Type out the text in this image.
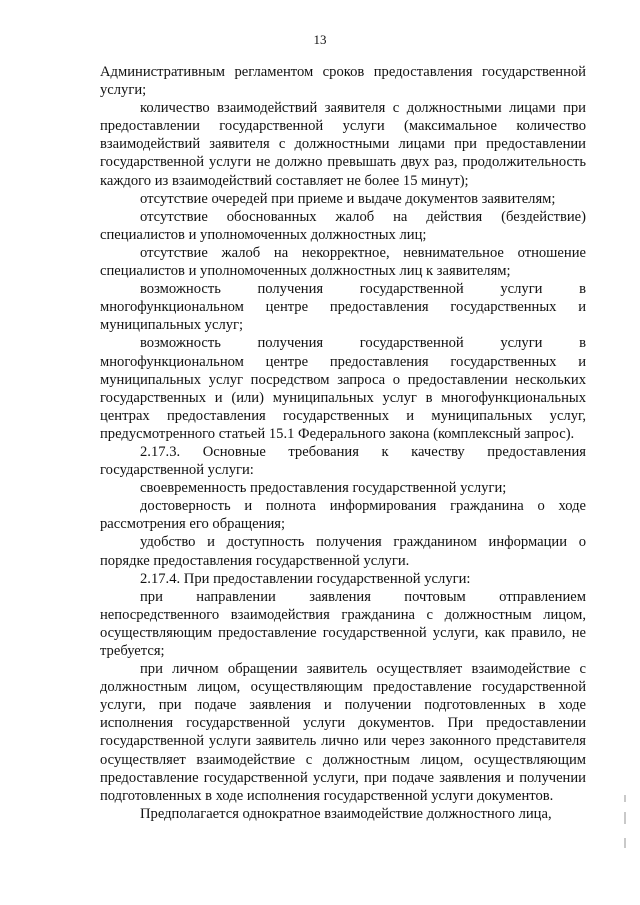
13

Административным регламентом сроков предоставления государственной услуги;

количество взаимодействий заявителя с должностными лицами при предоставлении государственной услуги (максимальное количество взаимодействий заявителя с должностными лицами при предоставлении государственной услуги не должно превышать двух раз, продолжительность каждого из взаимодействий составляет не более 15 минут);

отсутствие очередей при приеме и выдаче документов заявителям;

отсутствие обоснованных жалоб на действия (бездействие) специалистов и уполномоченных должностных лиц;

отсутствие жалоб на некорректное, невнимательное отношение специалистов и уполномоченных должностных лиц к заявителям;

возможность получения государственной услуги в многофункциональном центре предоставления государственных и муниципальных услуг;

возможность получения государственной услуги в многофункциональном центре предоставления государственных и муниципальных услуг посредством запроса о предоставлении нескольких государственных и (или) муниципальных услуг в многофункциональных центрах предоставления государственных и муниципальных услуг, предусмотренного статьей 15.1 Федерального закона (комплексный запрос).

2.17.3. Основные требования к качеству предоставления государственной услуги:

своевременность предоставления государственной услуги;

достоверность и полнота информирования гражданина о ходе рассмотрения его обращения;

удобство и доступность получения гражданином информации о порядке предоставления государственной услуги.

2.17.4. При предоставлении государственной услуги:

при направлении заявления почтовым отправлением непосредственного взаимодействия гражданина с должностным лицом, осуществляющим предоставление государственной услуги, как правило, не требуется;

при личном обращении заявитель осуществляет взаимодействие с должностным лицом, осуществляющим предоставление государственной услуги, при подаче заявления и получении подготовленных в ходе исполнения государственной услуги документов. При предоставлении государственной услуги заявитель лично или через законного представителя осуществляет взаимодействие с должностным лицом, осуществляющим предоставление государственной услуги, при подаче заявления и получении подготовленных в ходе исполнения государственной услуги документов.

Предполагается однократное взаимодействие должностного лица,
